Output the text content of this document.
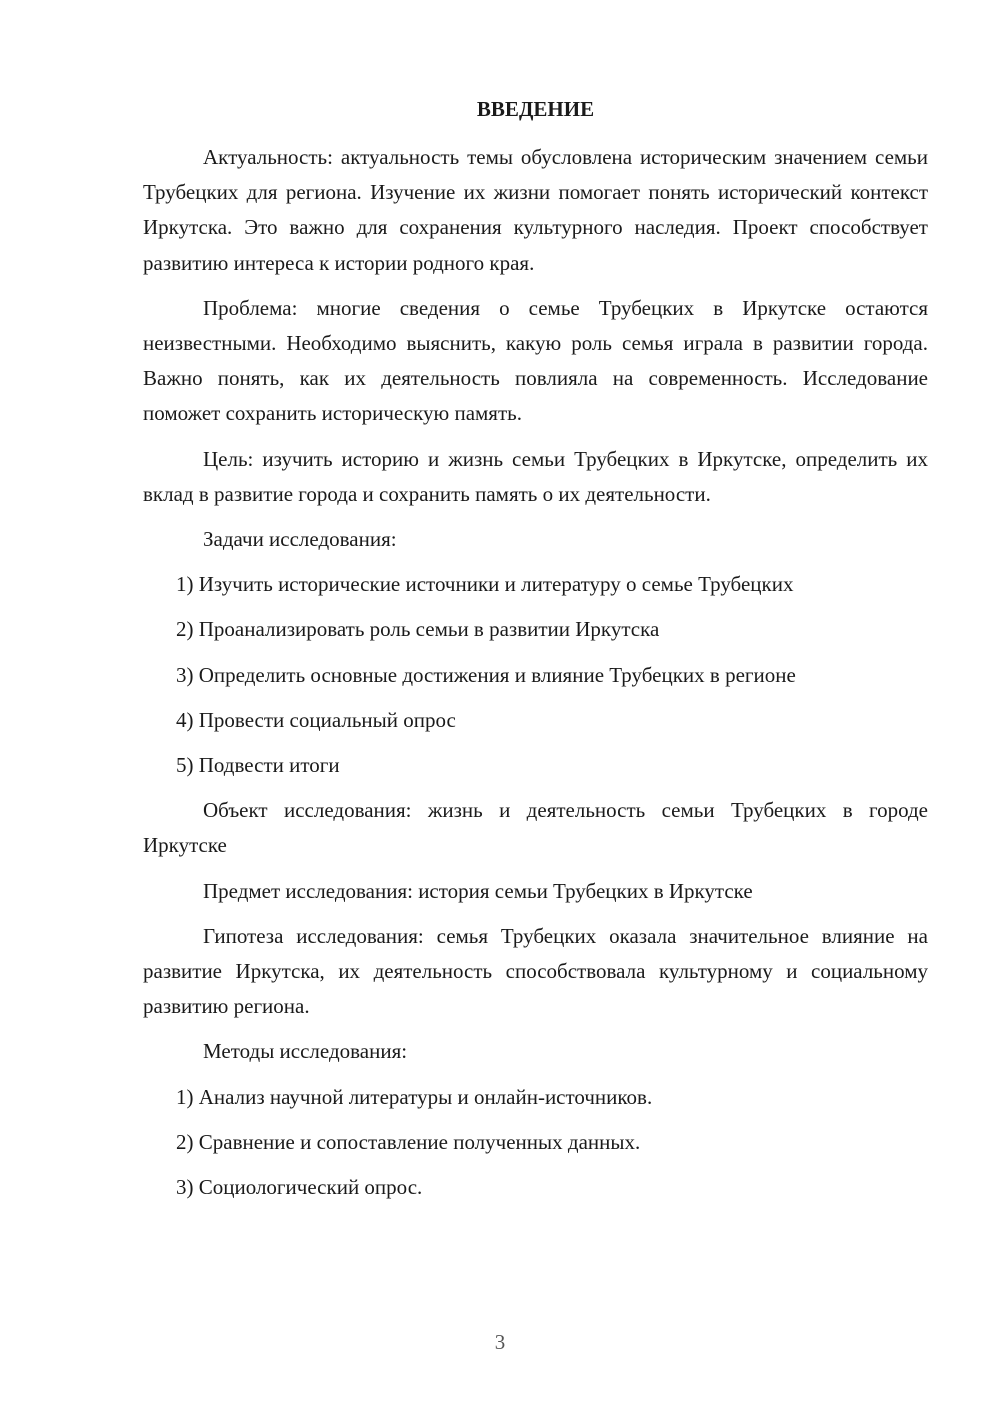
ВВЕДЕНИЕ

Актуальность: актуальность темы обусловлена историческим значением семьи Трубецких для региона. Изучение их жизни помогает понять исторический контекст Иркутска. Это важно для сохранения культурного наследия. Проект способствует развитию интереса к истории родного края.

Проблема: многие сведения о семье Трубецких в Иркутске остаются неизвестными. Необходимо выяснить, какую роль семья играла в развитии города. Важно понять, как их деятельность повлияла на современность. Исследование поможет сохранить историческую память.

Цель: изучить историю и жизнь семьи Трубецких в Иркутске, определить их вклад в развитие города и сохранить память о их деятельности.

Задачи исследования:
1) Изучить исторические источники и литературу о семье Трубецких
2) Проанализировать роль семьи в развитии Иркутска
3) Определить основные достижения и влияние Трубецких в регионе
4) Провести социальный опрос
5) Подвести итоги

Объект исследования: жизнь и деятельность семьи Трубецких в городе Иркутске

Предмет исследования: история семьи Трубецких в Иркутске

Гипотеза исследования: семья Трубецких оказала значительное влияние на развитие Иркутска, их деятельность способствовала культурному и социальному развитию региона.

Методы исследования:
1) Анализ научной литературы и онлайн-источников.
2) Сравнение и сопоставление полученных данных.
3) Социологический опрос.
3
